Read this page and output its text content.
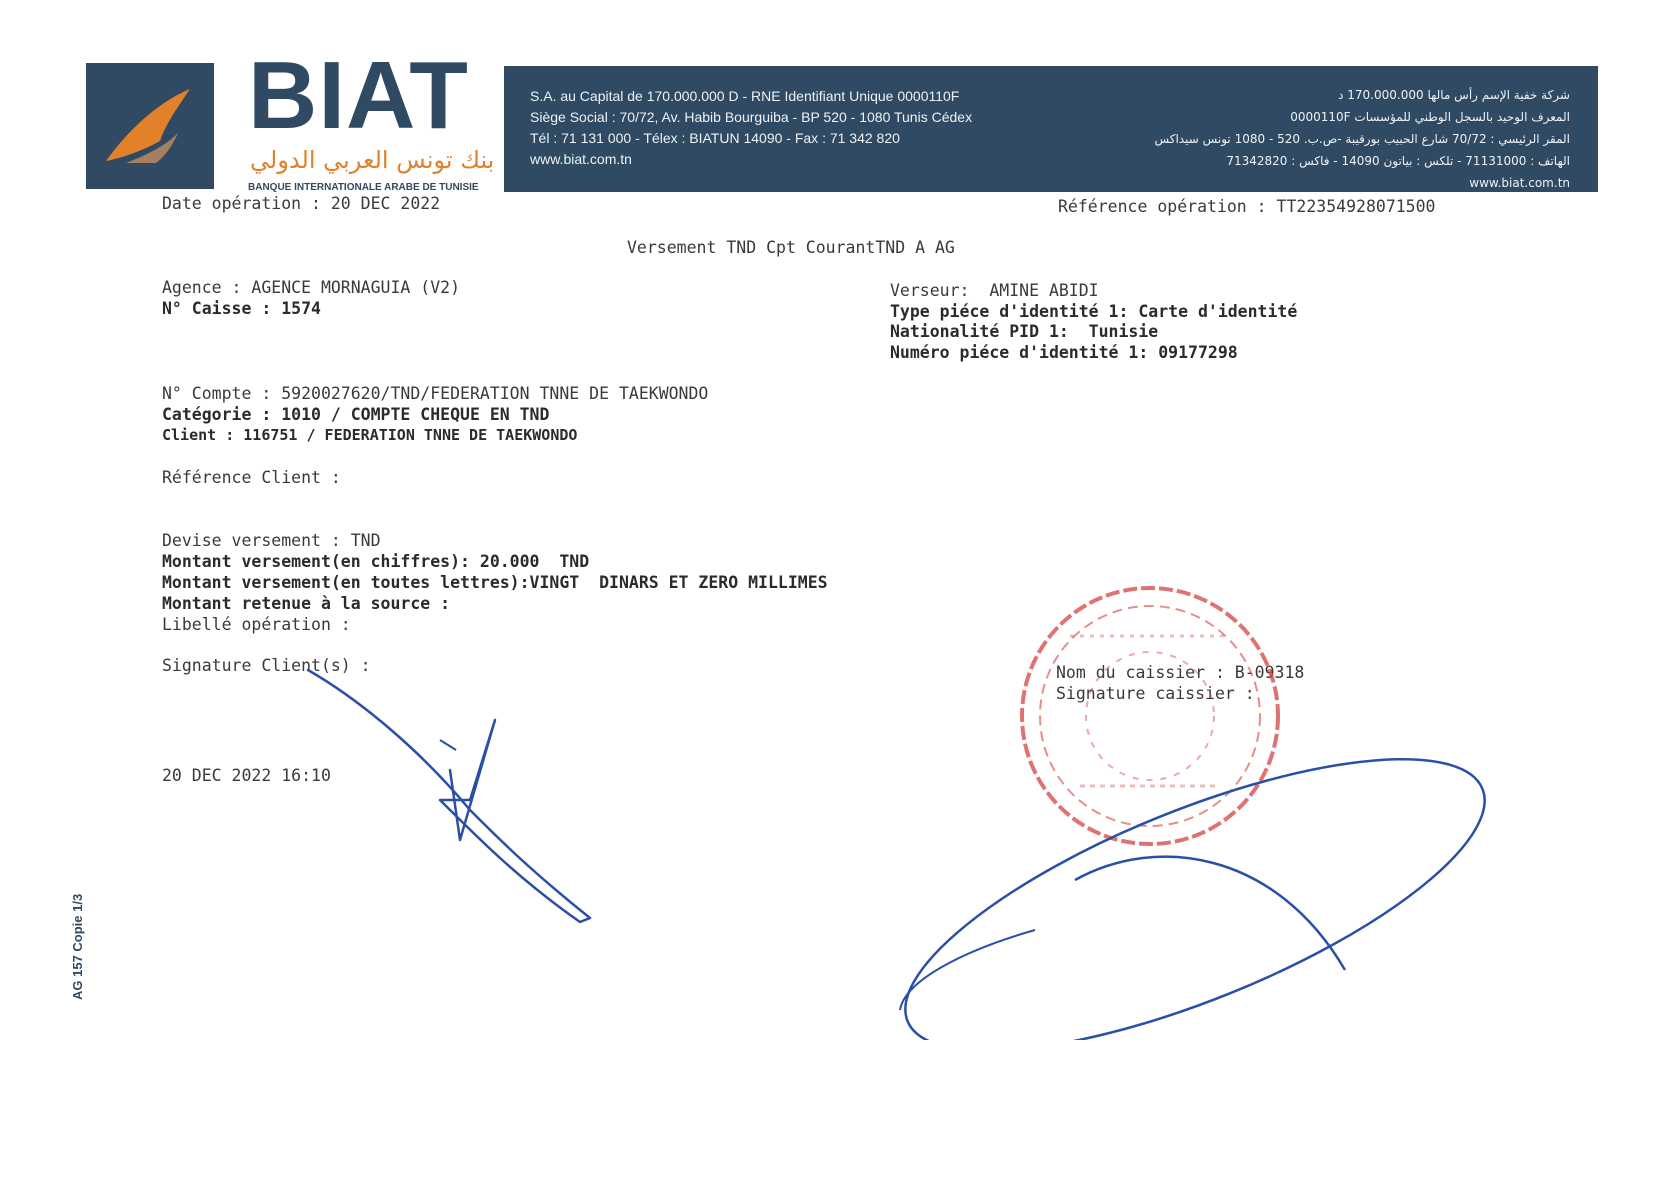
BIAT
بنك تونس العربي الدولي
BANQUE INTERNATIONALE ARABE DE TUNISIE
S.A. au Capital de 170.000.000 D - RNE Identifiant Unique 0000110F
Siège Social : 70/72, Av. Habib Bourguiba - BP 520 - 1080 Tunis Cédex
Tél : 71 131 000 - Télex : BIATUN 14090 - Fax : 71 342 820
www.biat.com.tn
شركة خفية الإسم رأس مالها 170.000.000 د
المعرف الوحيد بالسجل الوطني للمؤسسات 0000110F
المقر الرئيسي : 70/72 شارع الحبيب بورقيبة -ص.ب. 520 - 1080 تونس سيداكس
الهاتف : 71131000 - تلكس : بياتون 14090 - فاكس : 71342820
www.biat.com.tn
Date opération : 20 DEC 2022	Référence opération : TT22354928071500
Versement TND Cpt CourantTND A AG
Agence : AGENCE MORNAGUIA (V2)
N° Caisse : 1574
Verseur:  AMINE ABIDI
Type piéce d'identité 1: Carte d'identité
Nationalité PID 1:  Tunisie
Numéro piéce d'identité 1: 09177298
N° Compte : 5920027620/TND/FEDERATION TNNE DE TAEKWONDO
Catégorie : 1010 / COMPTE CHEQUE EN TND
Client : 116751 / FEDERATION TNNE DE TAEKWONDO
Référence Client :
Devise versement : TND
Montant versement(en chiffres): 20.000  TND
Montant versement(en toutes lettres):VINGT  DINARS ET ZERO MILLIMES
Montant retenue à la source :
Libellé opération :
Signature Client(s) :	Nom du caissier : B-09318
Signature caissier :
20 DEC 2022 16:10
AG 157 Copie 1/3
